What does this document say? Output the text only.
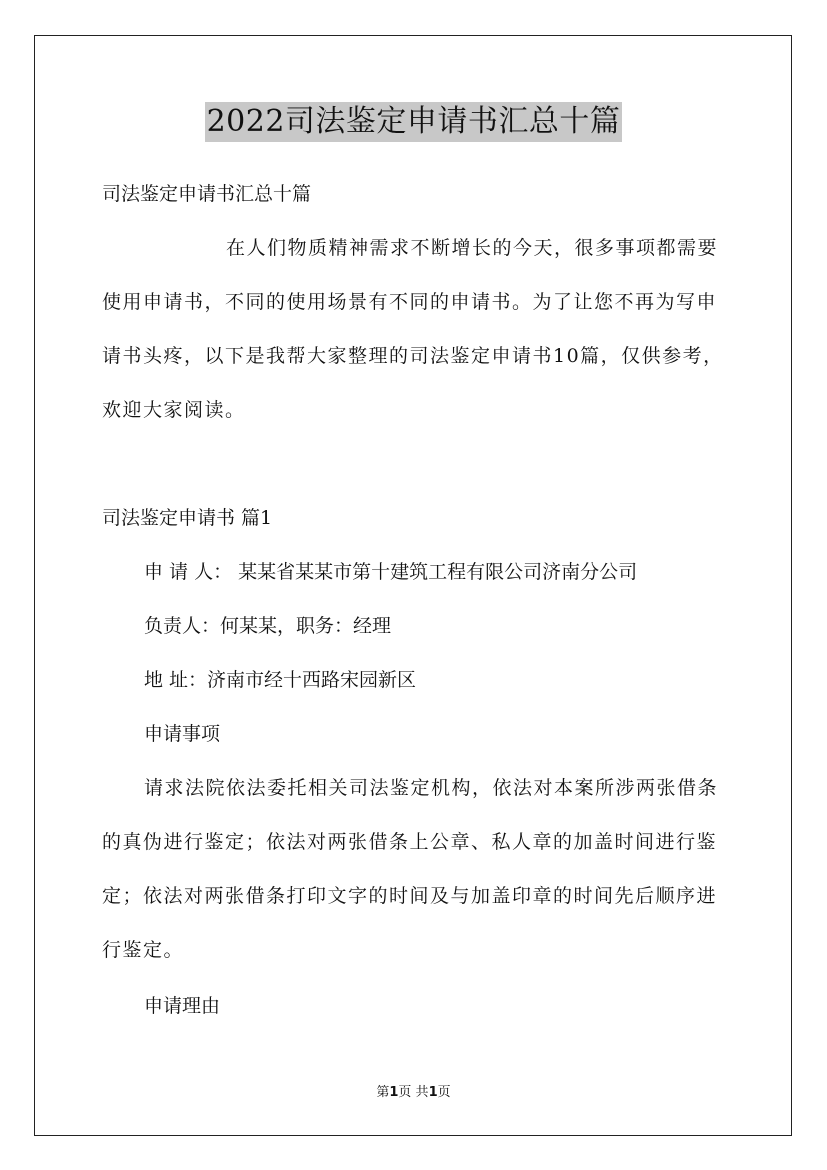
2022司法鉴定申请书汇总十篇
司法鉴定申请书汇总十篇
在人们物质精神需求不断增长的今天，很多事项都需要
使用申请书，不同的使用场景有不同的申请书。为了让您不再为写申
请书头疼，以下是我帮大家整理的司法鉴定申请书10篇，仅供参考，
欢迎大家阅读。
司法鉴定申请书 篇1
申 请 人： 某某省某某市第十建筑工程有限公司济南分公司
负责人：何某某，职务：经理
地 址：济南市经十西路宋园新区
申请事项
请求法院依法委托相关司法鉴定机构，依法对本案所涉两张借条
的真伪进行鉴定；依法对两张借条上公章、私人章的加盖时间进行鉴
定；依法对两张借条打印文字的时间及与加盖印章的时间先后顺序进
行鉴定。
申请理由
第1页 共1页
